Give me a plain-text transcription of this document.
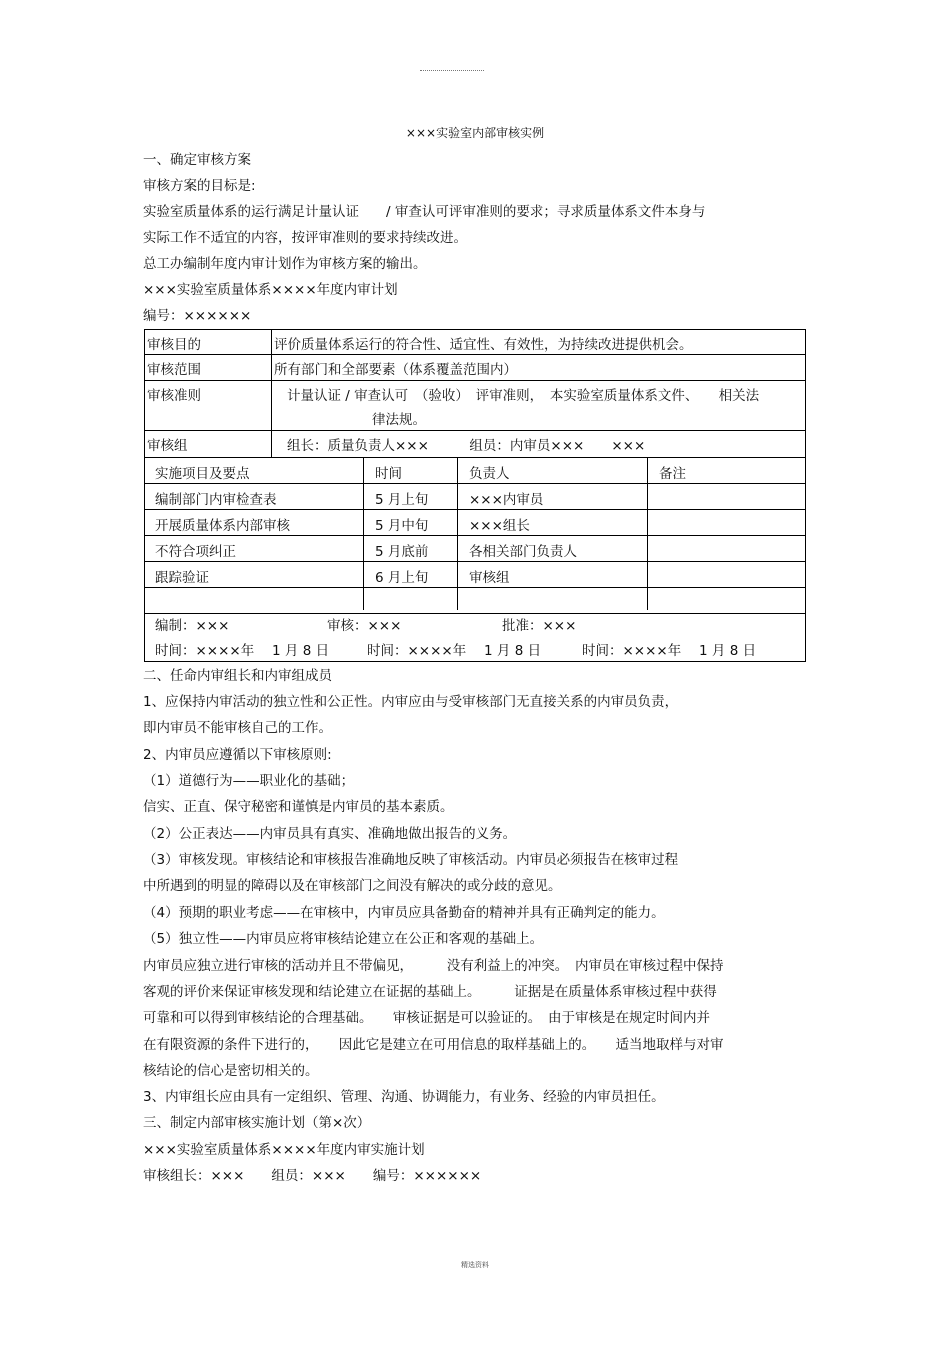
×××实验室内部审核实例
一、确定审核方案
审核方案的目标是:
实验室质量体系的运行满足计量认证　　/ 审查认可评审准则的要求；寻求质量体系文件本身与
实际工作不适宜的内容，按评审准则的要求持续改进。
总工办编制年度内审计划作为审核方案的输出。
×××实验室质量体系××××年度内审计划
编号：××××××
审核目的	评价质量体系运行的符合性、适宜性、有效性，为持续改进提供机会。
审核范围	所有部门和全部要素（体系覆盖范围内）
审核准则	计量认证 / 审查认可　（验收）　评审准则，　本实验室质量体系文件、　　相关法
律法规。
审核组	组长：质量负责人×××　　　组员：内审员×××　　×××
实施项目及要点	时间	负责人	备注
编制部门内审检查表	5 月上旬	×××内审员
开展质量体系内部审核	5 月中旬	×××组长
不符合项纠正	5 月底前	各相关部门负责人
跟踪验证	6 月上旬	审核组
编制：×××	审核：×××	批准：×××
时间：××××年　 1 月 8 日	时间：××××年　 1 月 8 日	时间：××××年　 1 月 8 日
二、任命内审组长和内审组成员
1、应保持内审活动的独立性和公正性。内审应由与受审核部门无直接关系的内审员负责，
即内审员不能审核自己的工作。
2、内审员应遵循以下审核原则:
（1）道德行为——职业化的基础；
信实、正直、保守秘密和谨慎是内审员的基本素质。
（2）公正表达——内审员具有真实、准确地做出报告的义务。
（3）审核发现。审核结论和审核报告准确地反映了审核活动。内审员必须报告在核审过程
中所遇到的明显的障碍以及在审核部门之间没有解决的或分歧的意见。
（4）预期的职业考虑——在审核中，内审员应具备勤奋的精神并具有正确判定的能力。
（5）独立性——内审员应将审核结论建立在公正和客观的基础上。
内审员应独立进行审核的活动并且不带偏见，　　　没有利益上的冲突。　内审员在审核过程中保持
客观的评价来保证审核发现和结论建立在证据的基础上。　　　证据是在质量体系审核过程中获得
可靠和可以得到审核结论的合理基础。　　审核证据是可以验证的。　由于审核是在规定时间内并
在有限资源的条件下进行的，　　因此它是建立在可用信息的取样基础上的。　　适当地取样与对审
核结论的信心是密切相关的。
3、内审组长应由具有一定组织、管理、沟通、协调能力，有业务、经验的内审员担任。
三、制定内部审核实施计划（第×次）
×××实验室质量体系××××年度内审实施计划
审核组长：×××　　组员：×××　　编号：××××××
精选资料
